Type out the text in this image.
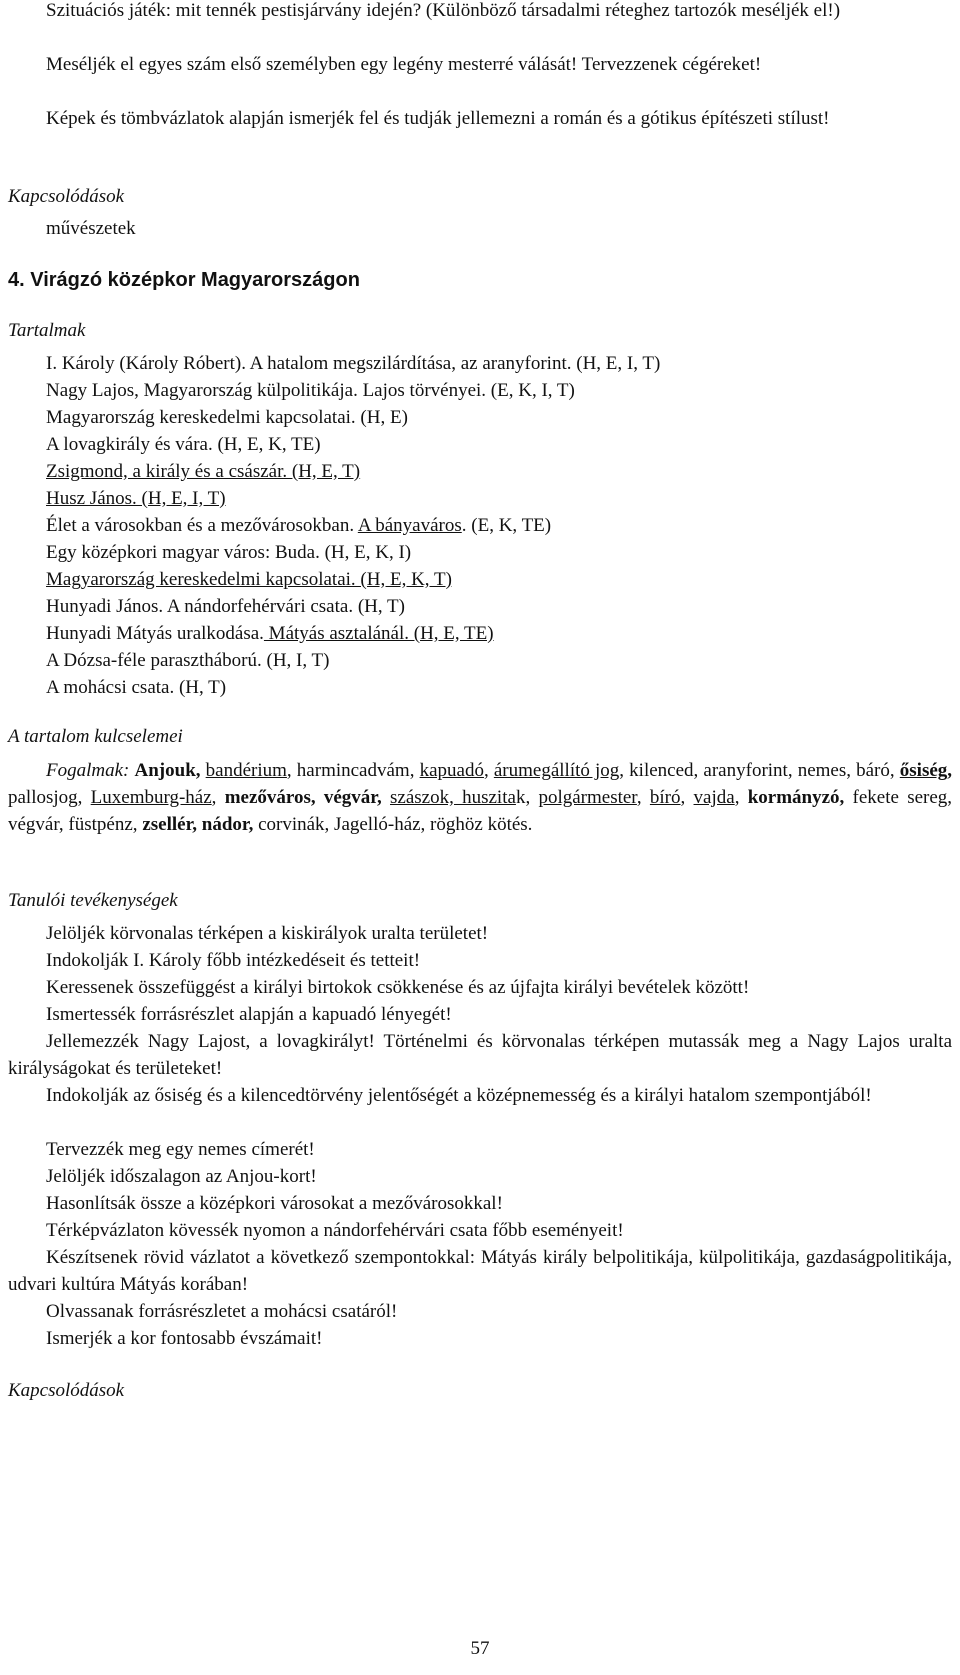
Szituációs játék: mit tennék pestisjárvány idején? (Különböző társadalmi réteghez tartozók meséljék el!)

Meséljék el egyes szám első személyben egy legény mesterré válását! Tervezzenek cégéreket!

Képek és tömbvázlatok alapján ismerjék fel és tudják jellemezni a román és a gótikus építészeti stílust!

Kapcsolódások

művészetek

4. Virágzó középkor Magyarországon

Tartalmak

I. Károly (Károly Róbert). A hatalom megszilárdítása, az aranyforint. (H, E, I, T)

Nagy Lajos, Magyarország külpolitikája. Lajos törvényei. (E, K, I, T)

Magyarország kereskedelmi kapcsolatai. (H, E)

A lovagkirály és vára. (H, E, K, TE)

Zsigmond, a király és a császár. (H, E, T)

Husz János. (H, E, I, T)

Élet a városokban és a mezővárosokban. A bányaváros. (E, K, TE)

Egy középkori magyar város: Buda. (H, E, K, I)

Magyarország kereskedelmi kapcsolatai. (H, E, K, T)

Hunyadi János. A nándorfehérvári csata. (H, T)

Hunyadi Mátyás uralkodása. Mátyás asztalánál. (H, E, TE)

A Dózsa-féle parasztháború. (H, I, T)

A mohácsi csata. (H, T)

A tartalom kulcselemei

Fogalmak: Anjouk, bandérium, harmincadvám, kapuadó, árumegállító jog, kilenced, aranyforint, nemes, báró, ősiség, pallosjog, Luxemburg-ház, mezőváros, végvár, szászok, huszitak, polgármester, bíró, vajda, kormányzó, fekete sereg, végvár, füstpénz, zsellér, nádor, corvinák, Jagelló-ház, röghöz kötés.

Tanulói tevékenységek

Jelöljék körvonalas térképen a kiskirályok uralta területet!

Indokolják I. Károly főbb intézkedéseit és tetteit!

Keressenek összefüggést a királyi birtokok csökkenése és az újfajta királyi bevételek között!

Ismertessék forrásrészlet alapján a kapuadó lényegét!

Jellemezzék Nagy Lajost, a lovagkirályt! Történelmi és körvonalas térképen mutassák meg a Nagy Lajos uralta királyságokat és területeket!

Indokolják az ősiség és a kilencedtörvény jelentőségét a középnemesség és a királyi hatalom szempontjából!

Tervezzék meg egy nemes címerét!

Jelöljék időszalagon az Anjou-kort!

Hasonlítsák össze a középkori városokat a mezővárosokkal!

Térképvázlaton kövessék nyomon a nándorfehérvári csata főbb eseményeit!

Készítsenek rövid vázlatot a következő szempontokkal: Mátyás király belpolitikája, külpolitikája, gazdaságpolitikája, udvari kultúra Mátyás korában!

Olvassanak forrásrészletet a mohácsi csatáról!

Ismerjék a kor fontosabb évszámait!

Kapcsolódások

57
